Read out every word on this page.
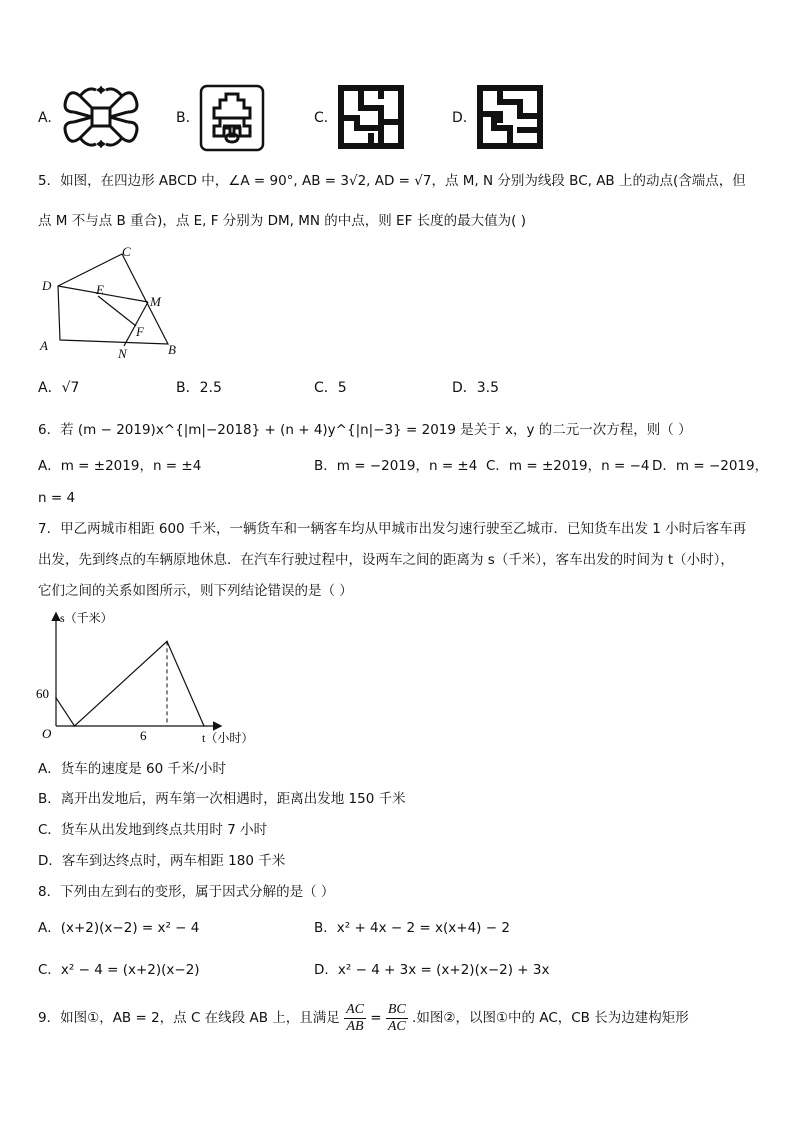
A.	B.	C.	D.
5．如图，在四边形 ABCD 中，∠A = 90°, AB = 3√2, AD = √7，点 M, N 分别为线段 BC, AB 上的动点(含端点，但
点 M 不与点 B 重合)，点 E, F 分别为 DM, MN 的中点，则 EF 长度的最大值为( )
C
D	E
M
F
A
N	B
A．√7	B．2.5	C．5	D．3.5
6．若 (m − 2019)x^{|m|−2018} + (n + 4)y^{|n|−3} = 2019 是关于 x，y 的二元一次方程，则（ ）
A．m = ±2019，n = ±4	B．m = −2019，n = ±4 C．m = ±2019，n = −4 D．m = −2019，
n = 4
7．甲乙两城市相距 600 千米，一辆货车和一辆客车均从甲城市出发匀速行驶至乙城市．已知货车出发 1 小时后客车再
出发，先到终点的车辆原地休息．在汽车行驶过程中，设两车之间的距离为 s（千米），客车出发的时间为 t（小时），
它们之间的关系如图所示，则下列结论错误的是（ ）
s（千米）
t（小时）
O
60
6
A．货车的速度是 60 千米/小时
B．离开出发地后，两车第一次相遇时，距离出发地 150 千米
C．货车从出发地到终点共用时 7 小时
D．客车到达终点时，两车相距 180 千米
8．下列由左到右的变形，属于因式分解的是（ ）
A．(x+2)(x−2) = x² − 4	B．x² + 4x − 2 = x(x+4) − 2
C．x² − 4 = (x+2)(x−2)	D．x² − 4 + 3x = (x+2)(x−2) + 3x
9．如图①，AB = 2，点 C 在线段 AB 上，且满足 $\frac{AC}{AB} = \frac{BC}{AC}$ .如图②，以图①中的 AC，CB 长为边建构矩形
